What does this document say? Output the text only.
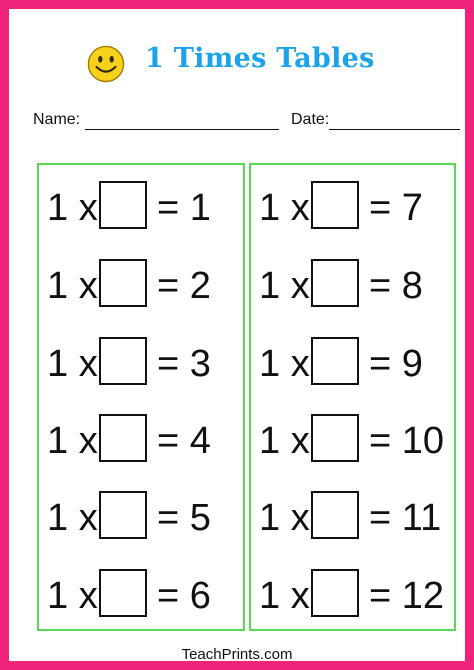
1 Times Tables
Name:	Date:
1 x = 1
1 x = 2
1 x = 3
1 x = 4
1 x = 5
1 x = 6
1 x = 7
1 x = 8
1 x = 9
1 x = 10
1 x = 11
1 x = 12
TeachPrints.com
